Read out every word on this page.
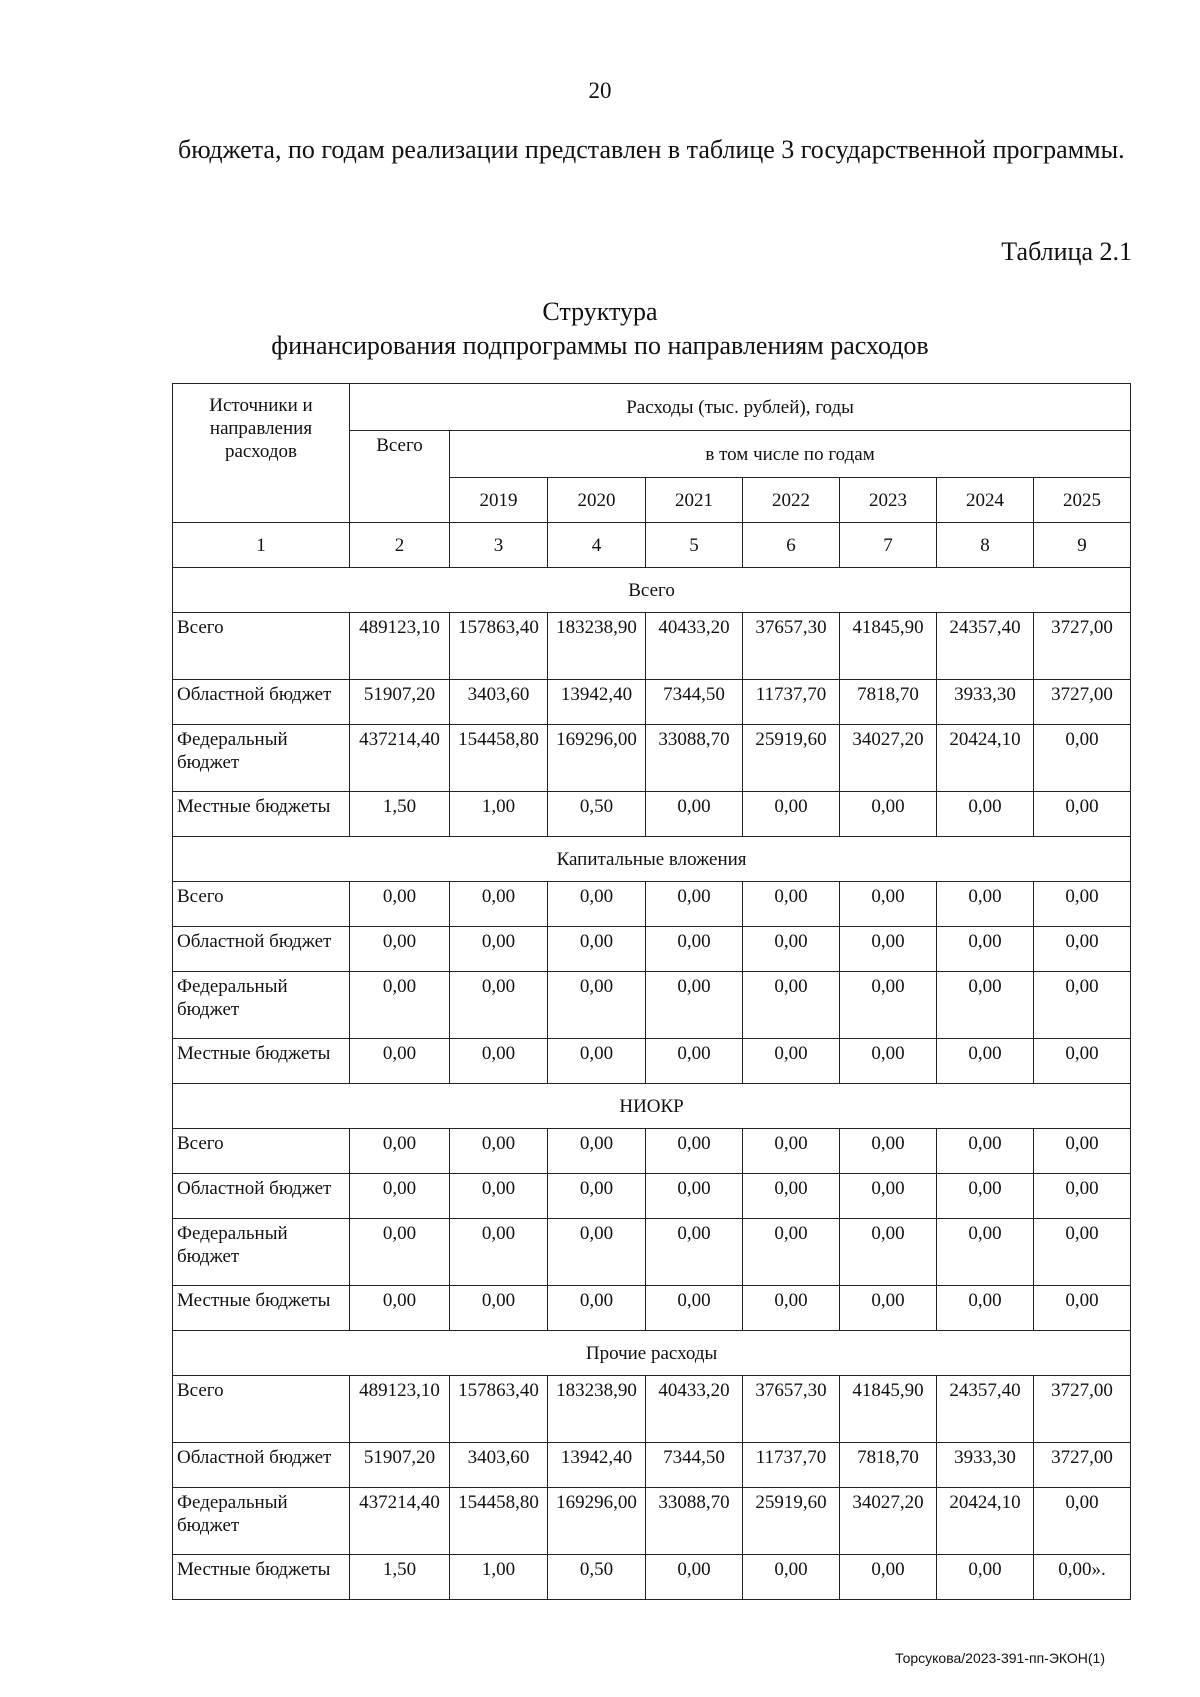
20
бюджета, по годам реализации представлен в таблице 3 государственной программы.
Таблица 2.1
Структура
финансирования подпрограммы по направлениям расходов
Источники и направления расходов	Расходы (тыс. рублей), годы							
	Всего	в том числе по годам						
		2019	2020	2021	2022	2023	2024	2025
1	2	3	4	5	6	7	8	9
Всего								
Всего	489123,10	157863,40	183238,90	40433,20	37657,30	41845,90	24357,40	3727,00
Областной бюджет	51907,20	3403,60	13942,40	7344,50	11737,70	7818,70	3933,30	3727,00
Федеральный бюджет	437214,40	154458,80	169296,00	33088,70	25919,60	34027,20	20424,10	0,00
Местные бюджеты	1,50	1,00	0,50	0,00	0,00	0,00	0,00	0,00
Капитальные вложения								
Всего	0,00	0,00	0,00	0,00	0,00	0,00	0,00	0,00
Областной бюджет	0,00	0,00	0,00	0,00	0,00	0,00	0,00	0,00
Федеральный бюджет	0,00	0,00	0,00	0,00	0,00	0,00	0,00	0,00
Местные бюджеты	0,00	0,00	0,00	0,00	0,00	0,00	0,00	0,00
НИОКР								
Всего	0,00	0,00	0,00	0,00	0,00	0,00	0,00	0,00
Областной бюджет	0,00	0,00	0,00	0,00	0,00	0,00	0,00	0,00
Федеральный бюджет	0,00	0,00	0,00	0,00	0,00	0,00	0,00	0,00
Местные бюджеты	0,00	0,00	0,00	0,00	0,00	0,00	0,00	0,00
Прочие расходы								
Всего	489123,10	157863,40	183238,90	40433,20	37657,30	41845,90	24357,40	3727,00
Областной бюджет	51907,20	3403,60	13942,40	7344,50	11737,70	7818,70	3933,30	3727,00
Федеральный бюджет	437214,40	154458,80	169296,00	33088,70	25919,60	34027,20	20424,10	0,00
Местные бюджеты	1,50	1,00	0,50	0,00	0,00	0,00	0,00	0,00».
Торсукова/2023-391-пп-ЭКОН(1)
